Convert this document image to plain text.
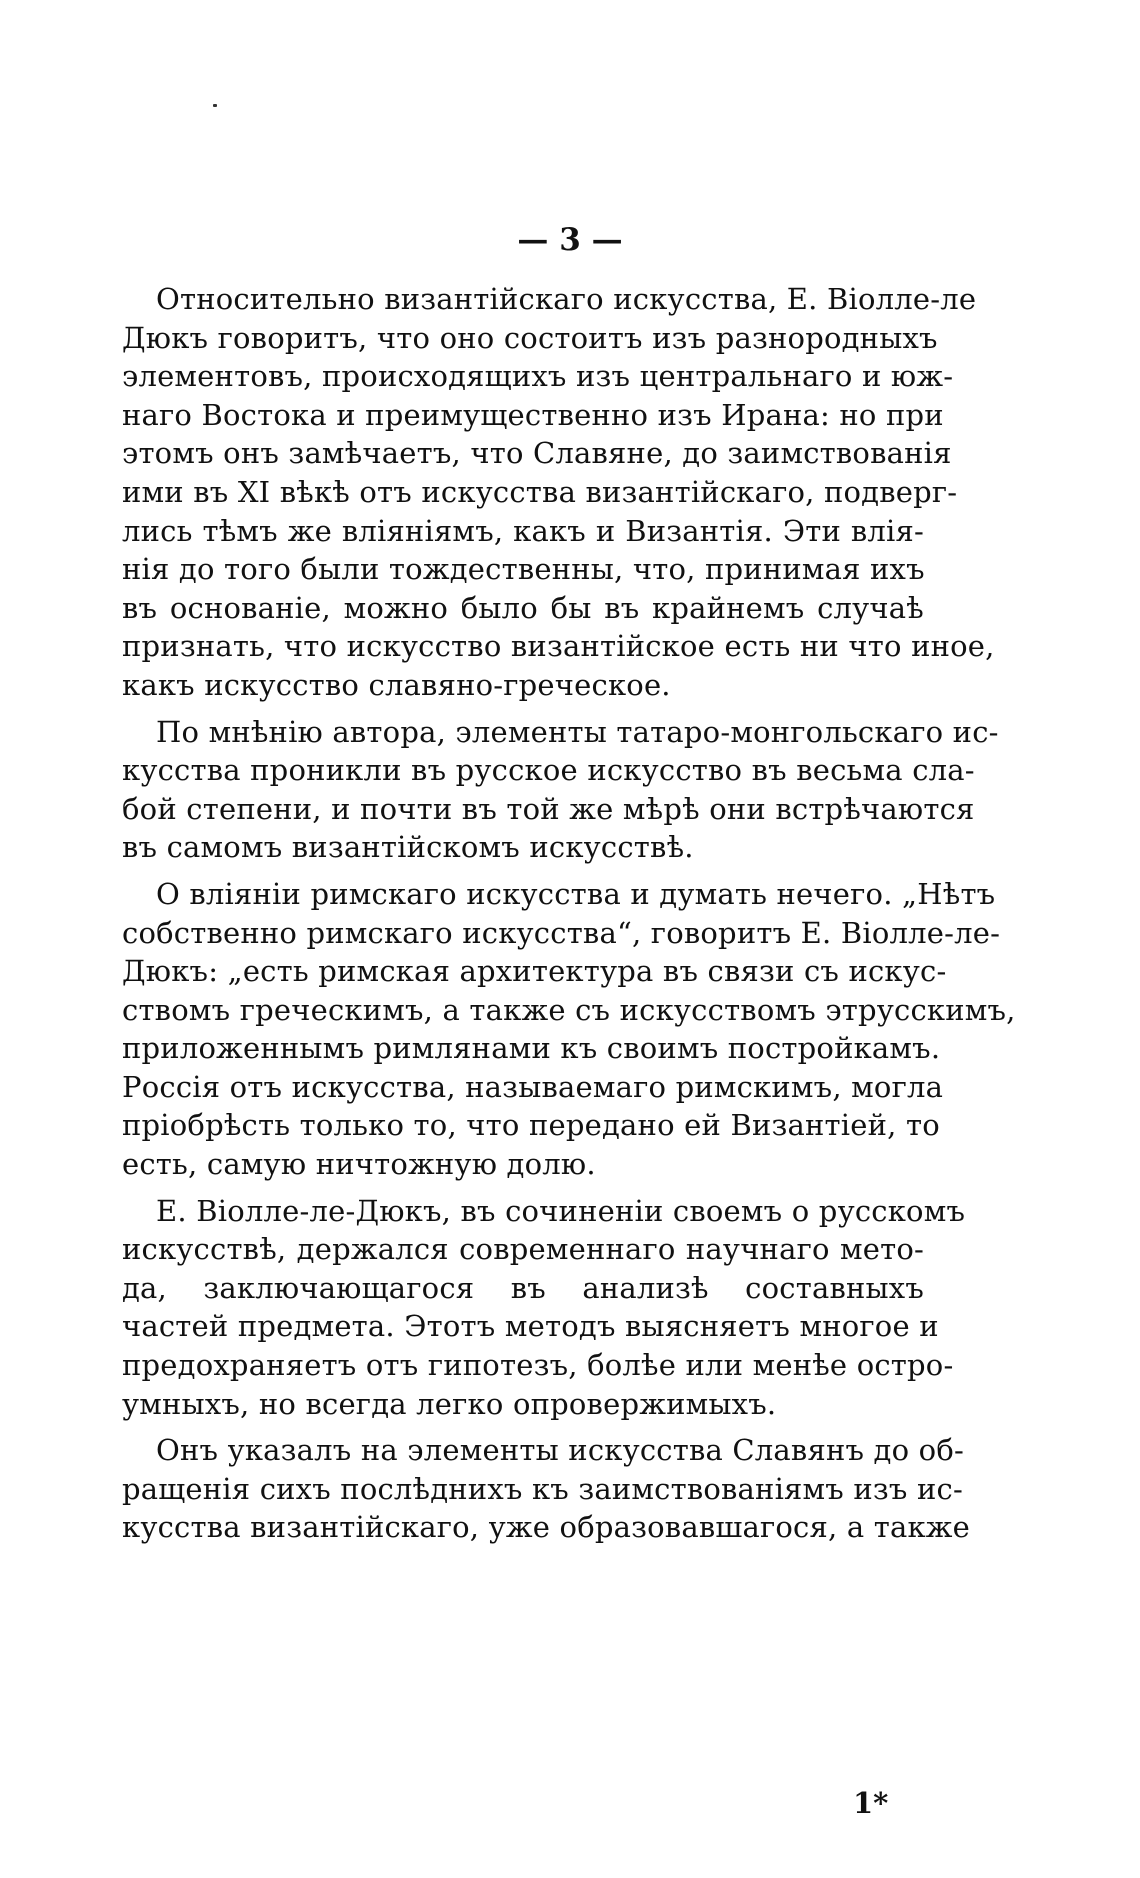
— 3 —
Относительно византійскаго искусства, Е. Віолле-ле
Дюкъ говоритъ, что оно состоитъ изъ разнородныхъ
элементовъ, происходящихъ изъ центральнаго и юж-
наго Востока и преимущественно изъ Ирана: но при
этомъ онъ замѣчаетъ, что Славяне, до заимствованія
ими въ XI вѣкѣ отъ искусства византійскаго, подверг-
лись тѣмъ же вліяніямъ, какъ и Византія. Эти влія-
нія до того были тождественны, что, принимая ихъ
въ основаніе, можно было бы въ крайнемъ случаѣ
признать, что искусство византійское есть ни что иное,
какъ искусство славяно-греческое.
По мнѣнію автора, элементы татаро-монгольскаго ис-
кусства проникли въ русское искусство въ весьма сла-
бой степени, и почти въ той же мѣрѣ они встрѣчаются
въ самомъ византійскомъ искусствѣ.
О вліяніи римскаго искусства и думать нечего. „Нѣтъ
собственно римскаго искусства“, говоритъ Е. Віолле-ле-
Дюкъ: „есть римская архитектура въ связи съ искус-
ствомъ греческимъ, а также съ искусствомъ этрусскимъ,
приложеннымъ римлянами къ своимъ постройкамъ.
Россія отъ искусства, называемаго римскимъ, могла
пріобрѣсть только то, что передано ей Византіей, то
есть, самую ничтожную долю.
Е. Віолле-ле-Дюкъ, въ сочиненіи своемъ о русскомъ
искусствѣ, держался современнаго научнаго мето-
да, заключающагося въ анализѣ составныхъ
частей предмета. Этотъ методъ выясняетъ многое и
предохраняетъ отъ гипотезъ, болѣе или менѣе остро-
умныхъ, но всегда легко опровержимыхъ.
Онъ указалъ на элементы искусства Славянъ до об-
ращенія сихъ послѣднихъ къ заимствованіямъ изъ ис-
кусства византійскаго, уже образовавшагося, а также
1*
